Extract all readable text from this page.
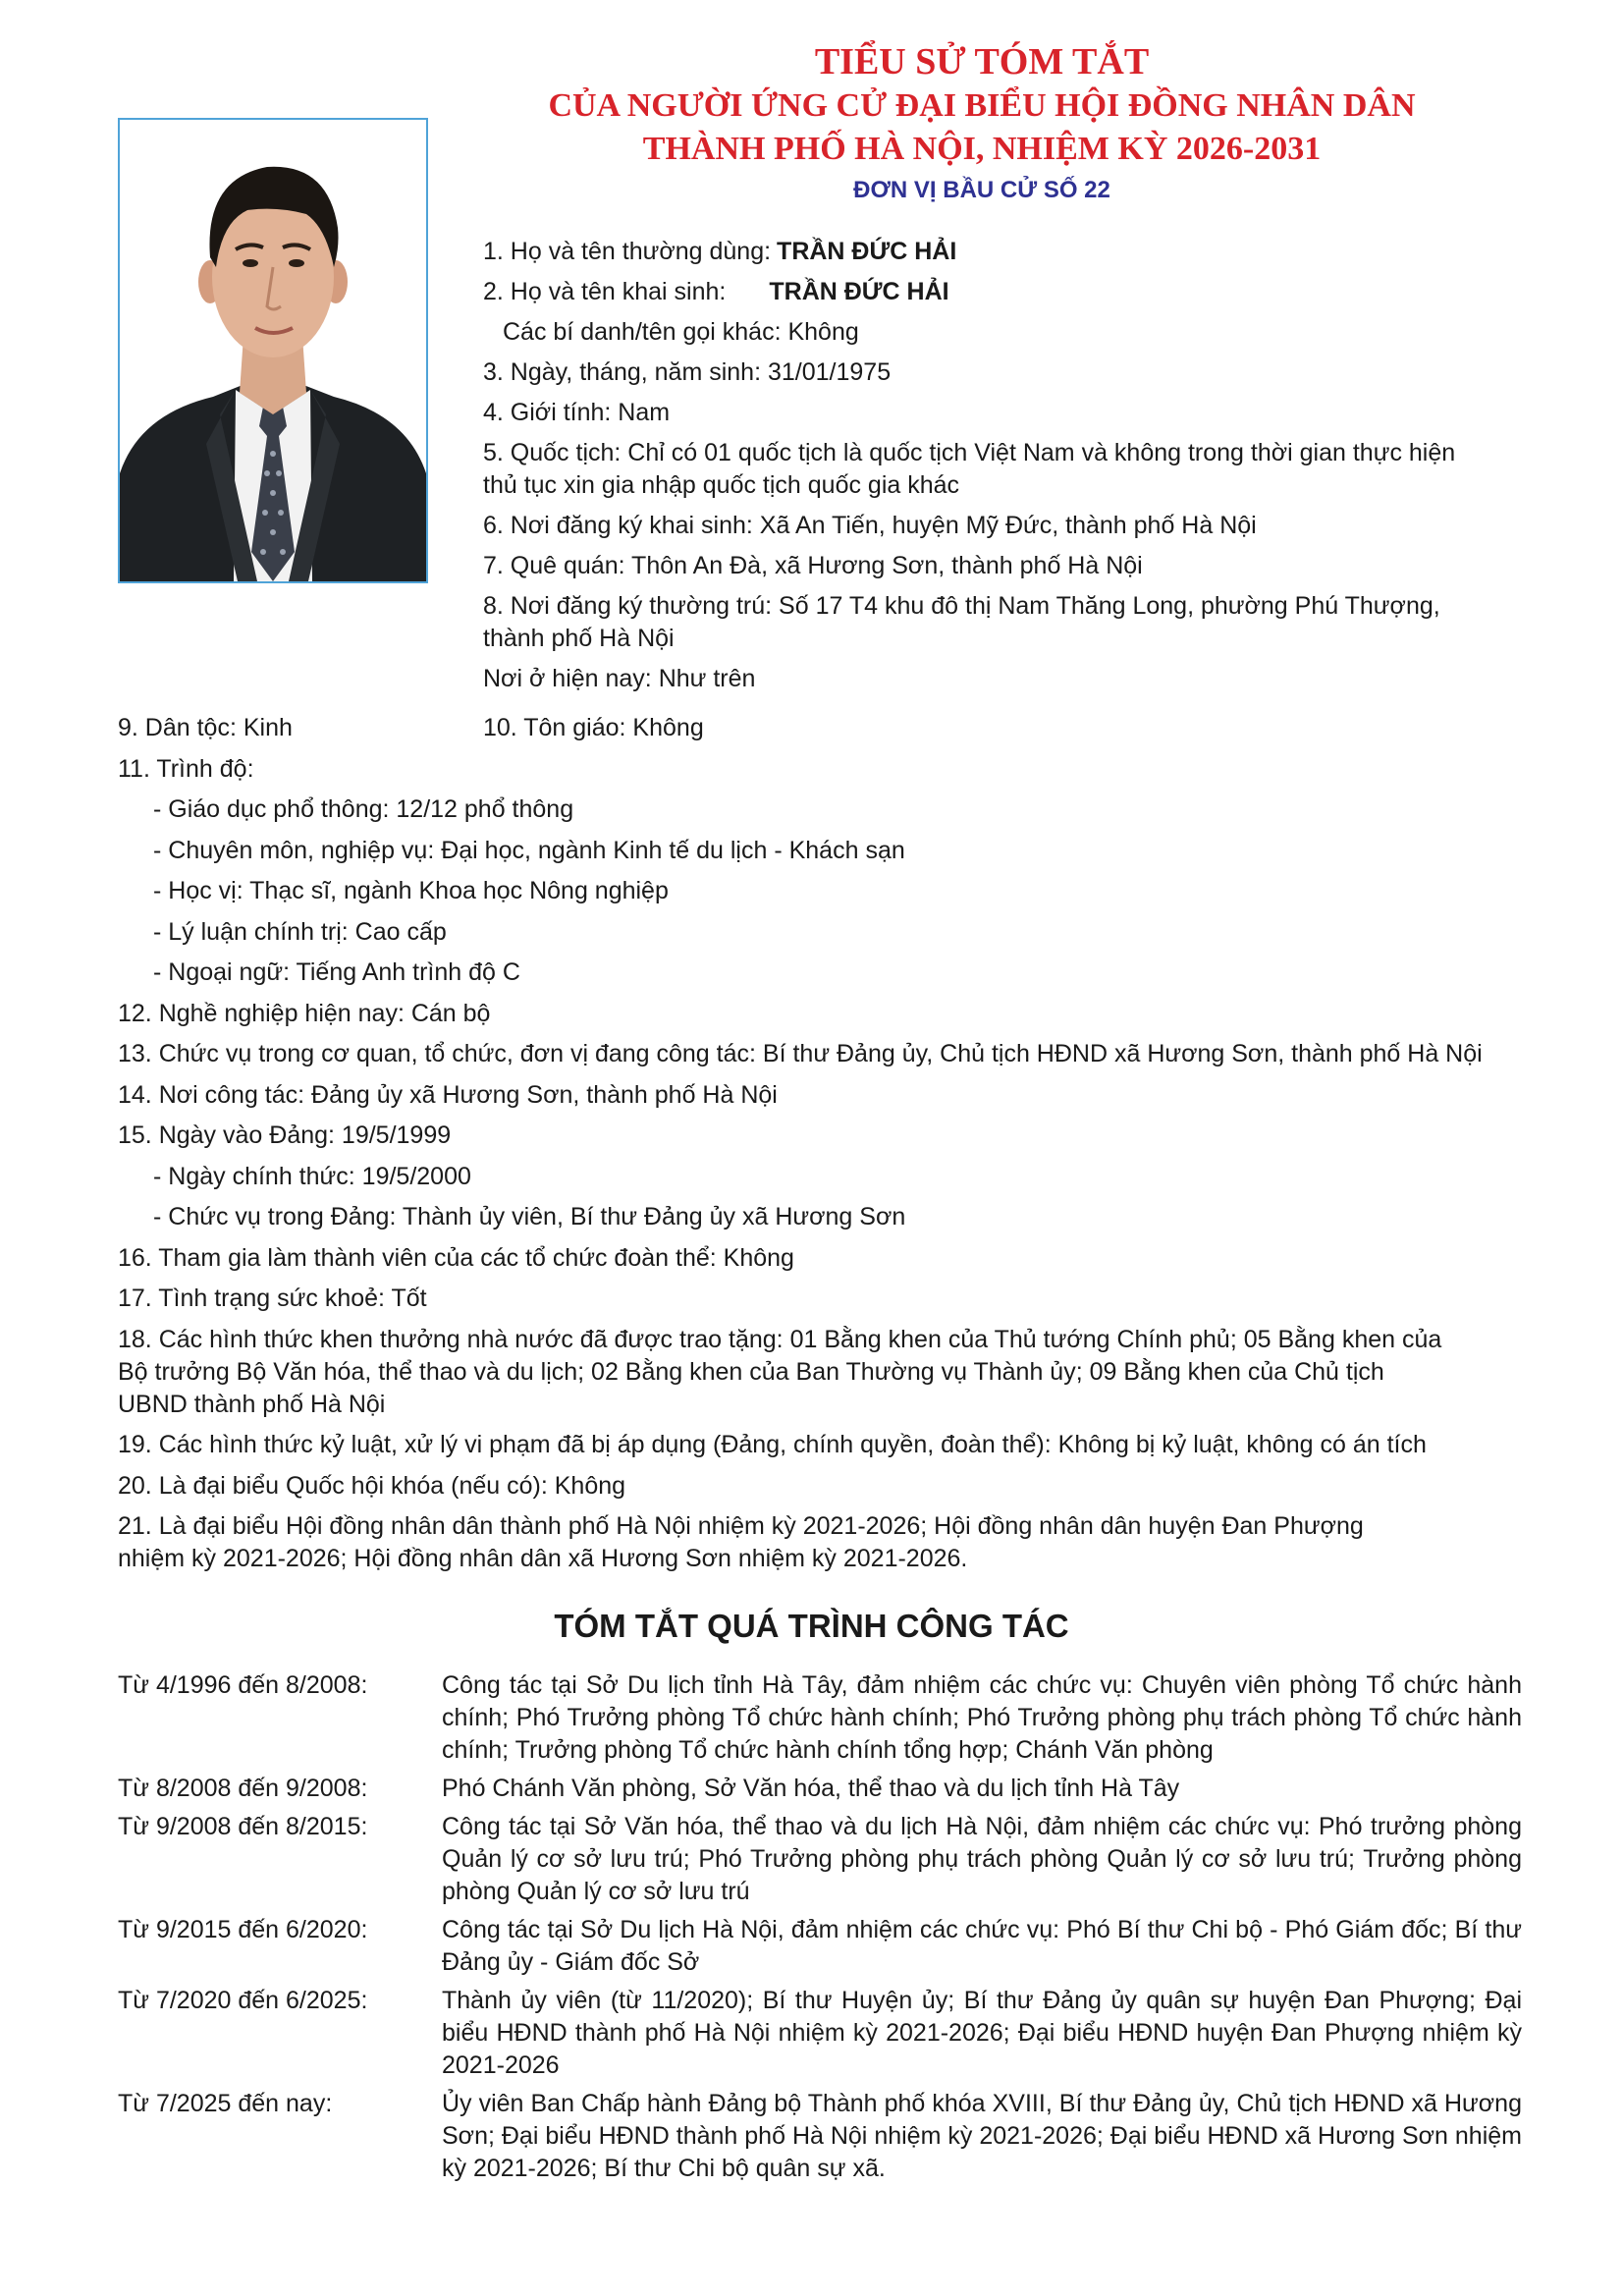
TIỂU SỬ TÓM TẮT

CỦA NGƯỜI ỨNG CỬ ĐẠI BIỂU HỘI ĐỒNG NHÂN DÂN

THÀNH PHỐ HÀ NỘI, NHIỆM KỲ 2026-2031

ĐƠN VỊ BẦU CỬ SỐ 22

1. Họ và tên thường dùng: TRẦN ĐỨC HẢI
2. Họ và tên khai sinh: TRẦN ĐỨC HẢI
Các bí danh/tên gọi khác: Không
3. Ngày, tháng, năm sinh: 31/01/1975
4. Giới tính: Nam
5. Quốc tịch: Chỉ có 01 quốc tịch là quốc tịch Việt Nam và không trong thời gian thực hiện
thủ tục xin gia nhập quốc tịch quốc gia khác
6. Nơi đăng ký khai sinh: Xã An Tiến, huyện Mỹ Đức, thành phố Hà Nội
7. Quê quán: Thôn An Đà, xã Hương Sơn, thành phố Hà Nội
8. Nơi đăng ký thường trú: Số 17 T4 khu đô thị Nam Thăng Long, phường Phú Thượng,
thành phố Hà Nội
Nơi ở hiện nay: Như trên
9. Dân tộc: Kinh	10. Tôn giáo: Không
11. Trình độ:
- Giáo dục phổ thông: 12/12 phổ thông
- Chuyên môn, nghiệp vụ: Đại học, ngành Kinh tế du lịch - Khách sạn
- Học vị: Thạc sĩ, ngành Khoa học Nông nghiệp
- Lý luận chính trị: Cao cấp
- Ngoại ngữ: Tiếng Anh trình độ C
12. Nghề nghiệp hiện nay: Cán bộ
13. Chức vụ trong cơ quan, tổ chức, đơn vị đang công tác: Bí thư Đảng ủy, Chủ tịch HĐND xã Hương Sơn, thành phố Hà Nội
14. Nơi công tác: Đảng ủy xã Hương Sơn, thành phố Hà Nội
15. Ngày vào Đảng: 19/5/1999
- Ngày chính thức: 19/5/2000
- Chức vụ trong Đảng: Thành ủy viên, Bí thư Đảng ủy xã Hương Sơn
16. Tham gia làm thành viên của các tổ chức đoàn thể: Không
17. Tình trạng sức khoẻ: Tốt
18. Các hình thức khen thưởng nhà nước đã được trao tặng: 01 Bằng khen của Thủ tướng Chính phủ; 05 Bằng khen của
Bộ trưởng Bộ Văn hóa, thể thao và du lịch; 02 Bằng khen của Ban Thường vụ Thành ủy; 09 Bằng khen của Chủ tịch
UBND thành phố Hà Nội
19. Các hình thức kỷ luật, xử lý vi phạm đã bị áp dụng (Đảng, chính quyền, đoàn thể): Không bị kỷ luật, không có án tích
20. Là đại biểu Quốc hội khóa (nếu có): Không
21. Là đại biểu Hội đồng nhân dân thành phố Hà Nội nhiệm kỳ 2021-2026; Hội đồng nhân dân huyện Đan Phượng
nhiệm kỳ 2021-2026; Hội đồng nhân dân xã Hương Sơn nhiệm kỳ 2021-2026.
TÓM TẮT QUÁ TRÌNH CÔNG TÁC
Từ 4/1996 đến 8/2008:	Công tác tại Sở Du lịch tỉnh Hà Tây, đảm nhiệm các chức vụ: Chuyên viên phòng Tổ chức hành chính; Phó Trưởng phòng Tổ chức hành chính; Phó Trưởng phòng phụ trách phòng Tổ chức hành chính; Trưởng phòng Tổ chức hành chính tổng hợp; Chánh Văn phòng
Từ 8/2008 đến 9/2008:	Phó Chánh Văn phòng, Sở Văn hóa, thể thao và du lịch tỉnh Hà Tây
Từ 9/2008 đến 8/2015:	Công tác tại Sở Văn hóa, thể thao và du lịch Hà Nội, đảm nhiệm các chức vụ: Phó trưởng phòng Quản lý cơ sở lưu trú; Phó Trưởng phòng phụ trách phòng Quản lý cơ sở lưu trú; Trưởng phòng phòng Quản lý cơ sở lưu trú
Từ 9/2015 đến 6/2020:	Công tác tại Sở Du lịch Hà Nội, đảm nhiệm các chức vụ: Phó Bí thư Chi bộ - Phó Giám đốc; Bí thư Đảng ủy - Giám đốc Sở
Từ 7/2020 đến 6/2025:	Thành ủy viên (từ 11/2020); Bí thư Huyện ủy; Bí thư Đảng ủy quân sự huyện Đan Phượng; Đại biểu HĐND thành phố Hà Nội nhiệm kỳ 2021-2026; Đại biểu HĐND huyện Đan Phượng nhiệm kỳ 2021-2026
Từ 7/2025 đến nay:	Ủy viên Ban Chấp hành Đảng bộ Thành phố khóa XVIII, Bí thư Đảng ủy, Chủ tịch HĐND xã Hương Sơn; Đại biểu HĐND thành phố Hà Nội nhiệm kỳ 2021-2026; Đại biểu HĐND xã Hương Sơn nhiệm kỳ 2021-2026; Bí thư Chi bộ quân sự xã.
